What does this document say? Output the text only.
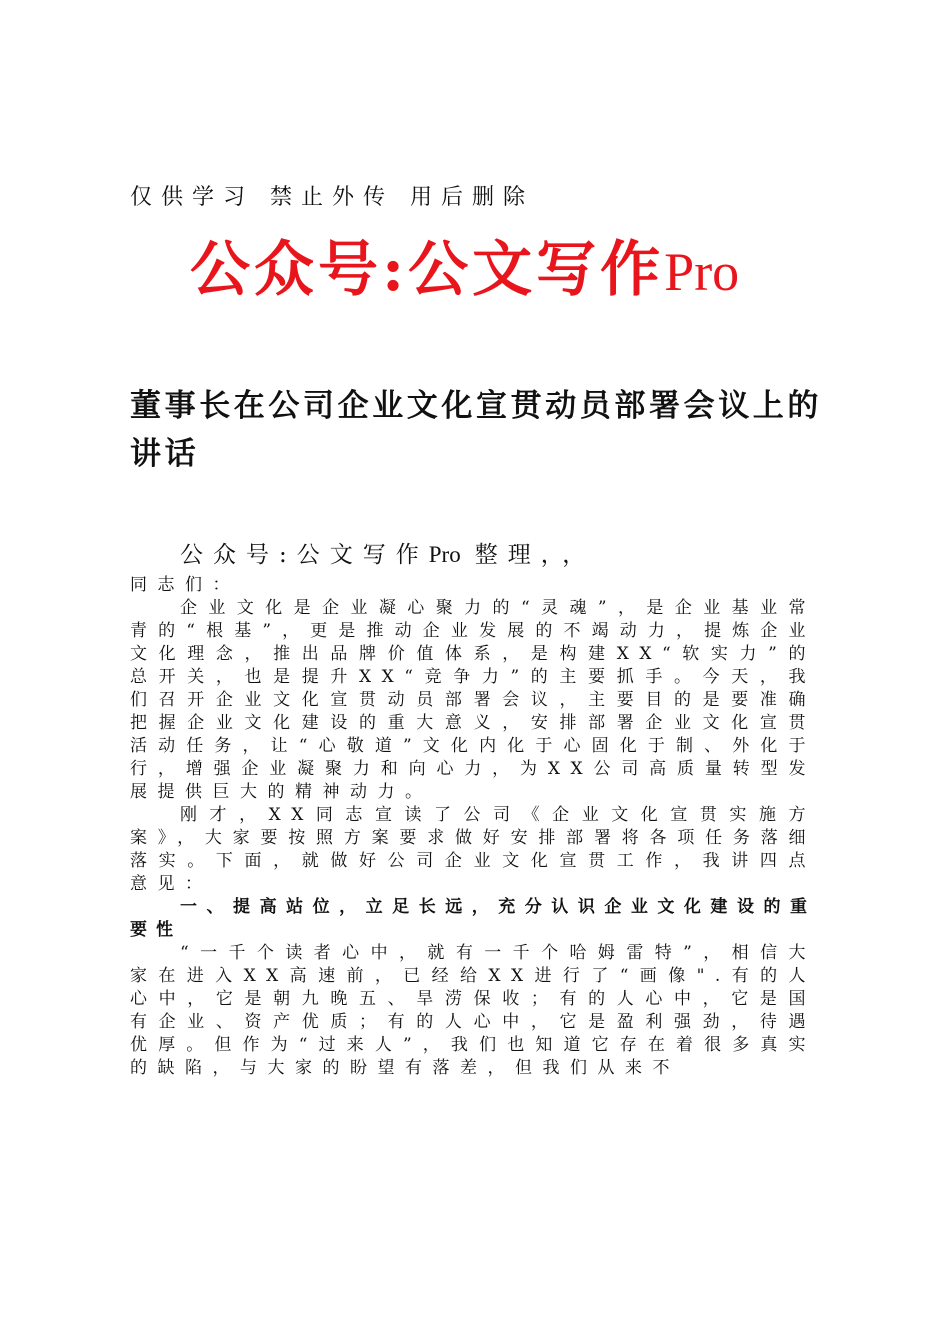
仅供学习 禁止外传 用后删除
公众号:公文写作Pro
董事长在公司企业文化宣贯动员部署会议上的讲话
公众号:公文写作Pro 整理，，

同志们：

企业文化是企业凝心聚力的“灵魂”，是企业基业常青的“根基”，更是推动企业发展的不竭动力，提炼企业文化理念，推出品牌价值体系，是构建XX“软实力”的总开关，也是提升XX“竞争力”的主要抓手。今天，我们召开企业文化宣贯动员部署会议，主要目的是要准确把握企业文化建设的重大意义，安排部署企业文化宣贯活动任务，让“心敬道”文化内化于心固化于制、外化于行，增强企业凝聚力和向心力，为XX公司高质量转型发展提供巨大的精神动力。

刚才，XX同志宣读了公司《企业文化宣贯实施方案》，大家要按照方案要求做好安排部署将各项任务落细落实。下面，就做好公司企业文化宣贯工作，我讲四点意见：

一、提高站位，立足长远，充分认识企业文化建设的重要性

“一千个读者心中，就有一千个哈姆雷特”，相信大家在进入XX高速前，已经给XX进行了“画像".有的人心中，它是朝九晚五、旱涝保收；有的人心中，它是国有企业、资产优质；有的人心中，它是盈利强劲，待遇优厚。但作为“过来人”，我们也知道它存在着很多真实的缺陷，与大家的盼望有落差，但我们从来不
